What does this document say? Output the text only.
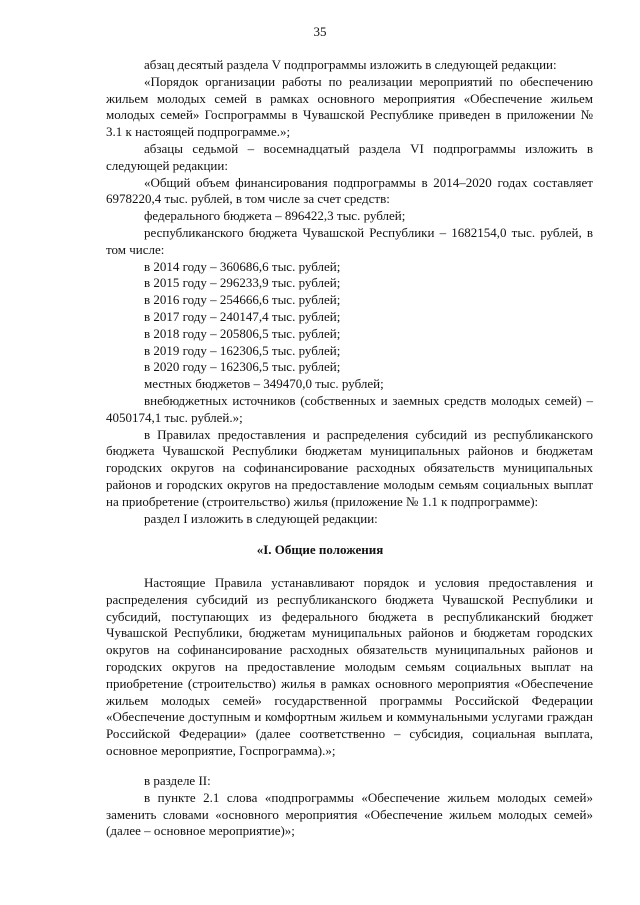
35

абзац десятый раздела V подпрограммы изложить в следующей редакции:

«Порядок организации работы по реализации мероприятий по обеспечению жильем молодых семей в рамках основного мероприятия «Обеспечение жильем молодых семей» Госпрограммы в Чувашской Республике приведен в приложении № 3.1 к настоящей подпрограмме.»;

абзацы седьмой – восемнадцатый раздела VI подпрограммы изложить в следующей редакции:

«Общий объем финансирования подпрограммы в 2014–2020 годах составляет 6978220,4 тыс. рублей, в том числе за счет средств:

федерального бюджета – 896422,3 тыс. рублей;

республиканского бюджета Чувашской Республики – 1682154,0 тыс. рублей, в том числе:

в 2014 году – 360686,6 тыс. рублей;

в 2015 году – 296233,9 тыс. рублей;

в 2016 году – 254666,6 тыс. рублей;

в 2017 году – 240147,4 тыс. рублей;

в 2018 году – 205806,5 тыс. рублей;

в 2019 году – 162306,5 тыс. рублей;

в 2020 году – 162306,5 тыс. рублей;

местных бюджетов – 349470,0 тыс. рублей;

внебюджетных источников (собственных и заемных средств молодых семей) – 4050174,1 тыс. рублей.»;

в Правилах предоставления и распределения субсидий из республиканского бюджета Чувашской Республики бюджетам муниципальных районов и бюджетам городских округов на софинансирование расходных обязательств муниципальных районов и городских округов на предоставление молодым семьям социальных выплат на приобретение (строительство) жилья (приложение № 1.1 к подпрограмме):

раздел I изложить в следующей редакции:

«I. Общие положения

Настоящие Правила устанавливают порядок и условия предоставления и распределения субсидий из республиканского бюджета Чувашской Республики и субсидий, поступающих из федерального бюджета в республиканский бюджет Чувашской Республики, бюджетам муниципальных районов и бюджетам городских округов на софинансирование расходных обязательств муниципальных районов и городских округов на предоставление молодым семьям социальных выплат на приобретение (строительство) жилья в рамках основного мероприятия «Обеспечение жильем молодых семей» государственной программы Российской Федерации «Обеспечение доступным и комфортным жильем и коммунальными услугами граждан Российской Федерации» (далее соответственно – субсидия, социальная выплата, основное мероприятие, Госпрограмма).»;

в разделе II:

в пункте 2.1 слова «подпрограммы «Обеспечение жильем молодых семей» заменить словами «основного мероприятия «Обеспечение жильем молодых семей» (далее – основное мероприятие)»;
